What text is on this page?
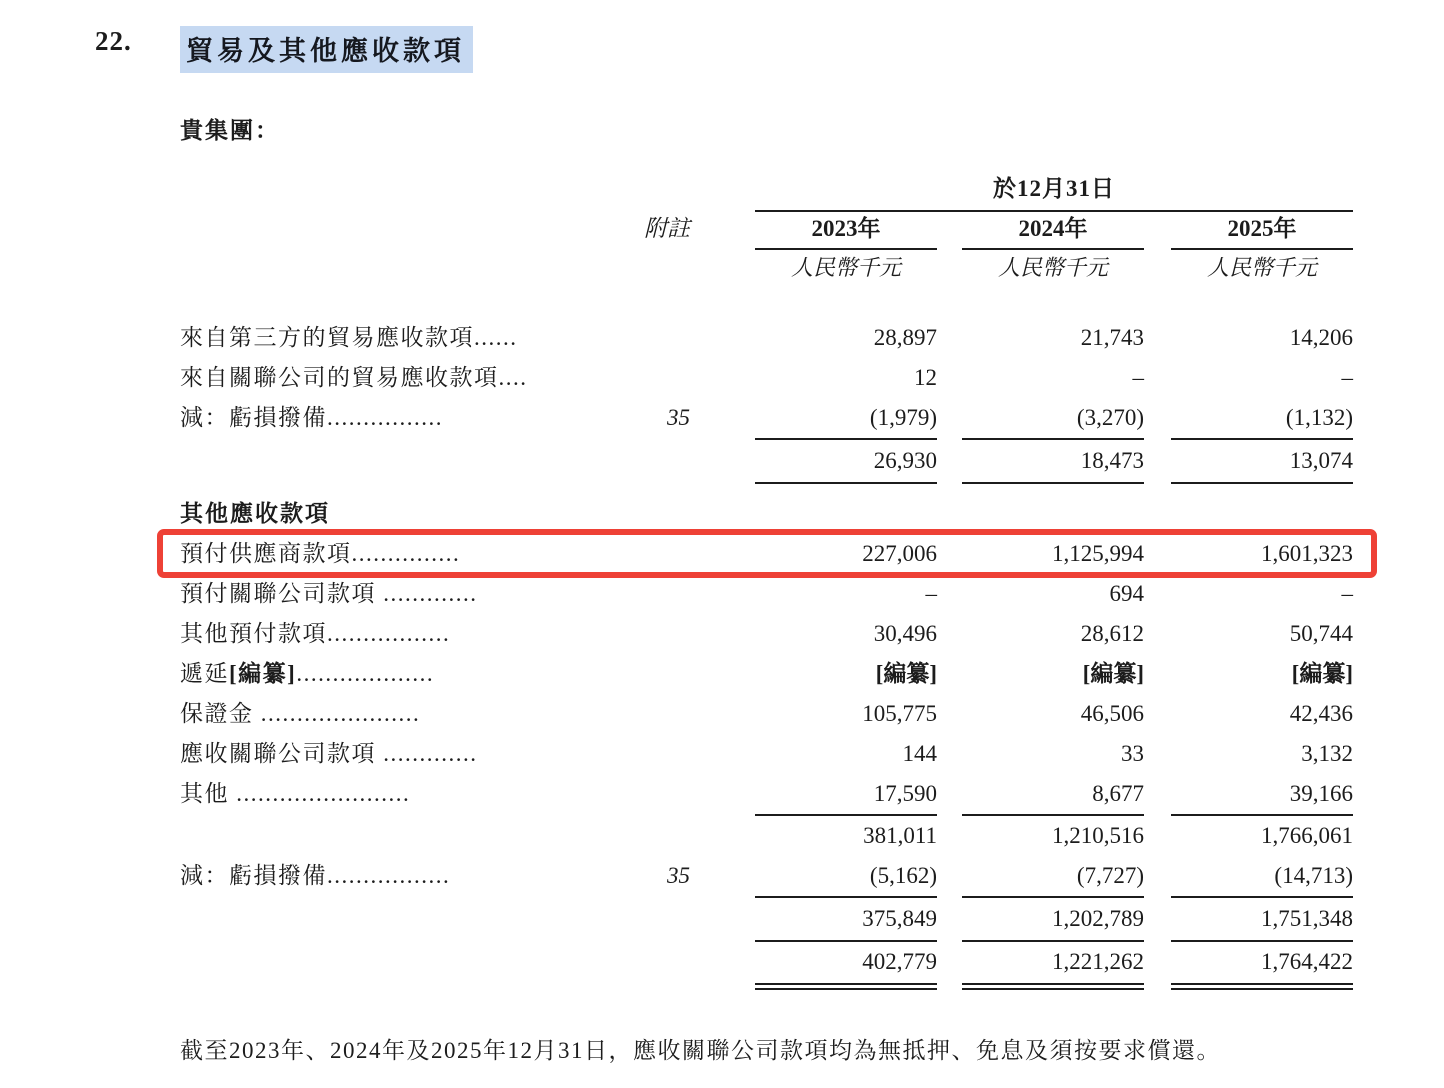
22.	貿易及其他應收款項
貴集團：
於12月31日
附註	2023年	2024年	2025年
人民幣千元	人民幣千元	人民幣千元
來自第三方的貿易應收款項......	28,897	21,743	14,206
來自關聯公司的貿易應收款項....	12	–	–
減：虧損撥備................	35	(1,979)	(3,270)	(1,132)
26,930	18,473	13,074
其他應收款項
預付供應商款項...............	227,006	1,125,994	1,601,323
預付關聯公司款項 .............	–	694	–
其他預付款項.................	30,496	28,612	50,744
遞延[編纂]...................	[編纂]	[編纂]	[編纂]
保證金 ......................	105,775	46,506	42,436
應收關聯公司款項 .............	144	33	3,132
其他 ........................	17,590	8,677	39,166
381,011	1,210,516	1,766,061
減：虧損撥備.................	35	(5,162)	(7,727)	(14,713)
375,849	1,202,789	1,751,348
402,779	1,221,262	1,764,422
截至2023年、2024年及2025年12月31日，應收關聯公司款項均為無抵押、免息及須按要求償還。
